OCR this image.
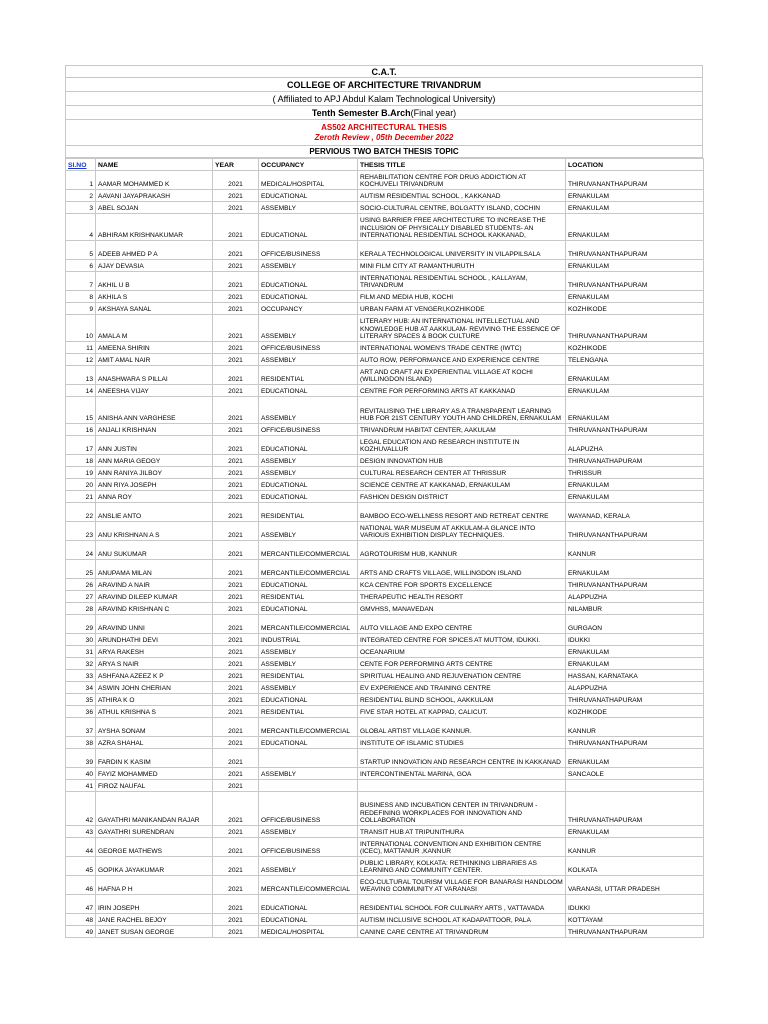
C.A.T.
COLLEGE OF ARCHITECTURE TRIVANDRUM
( Affiliated to APJ Abdul Kalam Technological University)
Tenth Semester B.Arch (Final year)
AS502 ARCHITECTURAL THESIS
Zeroth Review , 05th December 2022
PERVIOUS TWO BATCH THESIS TOPIC
Sl.NO	NAME	YEAR	OCCUPANCY	THESIS TITLE	LOCATION
1	AAMAR MOHAMMED K	2021	MEDICAL/HOSPITAL	REHABILITATION CENTRE FOR DRUG ADDICTION AT KOCHUVELI TRIVANDRUM	THIRUVANANTHAPURAM
2	AAVANI JAYAPRAKASH	2021	EDUCATIONAL	AUTISM RESIDENTIAL SCHOOL , KAKKANAD	ERNAKULAM
3	ABEL SOJAN	2021	ASSEMBLY	SOCIO-CULTURAL CENTRE, BOLGATTY ISLAND, COCHIN	ERNAKULAM
4	ABHIRAM KRISHNAKUMAR	2021	EDUCATIONAL	USING BARRIER FREE ARCHITECTURE TO INCREASE THE INCLUSION OF PHYSICALLY DISABLED STUDENTS- AN INTERNATIONAL RESIDENTIAL SCHOOL KAKKANAD,	ERNAKULAM
5	ADEEB AHMED P A	2021	OFFICE/BUSINESS	KERALA TECHNOLOGICAL UNIVERSITY IN VILAPPILSALA	THIRUVANANTHAPURAM
6	AJAY DEVASIA	2021	ASSEMBLY	MINI FILM CITY AT RAMANTHURUTH	ERNAKULAM
7	AKHIL U B	2021	EDUCATIONAL	INTERNATIONAL RESIDENTIAL SCHOOL , KALLAYAM, TRIVANDRUM	THIRUVANANTHAPURAM
8	AKHILA S	2021	EDUCATIONAL	FILM AND MEDIA HUB, KOCHI	ERNAKULAM
9	AKSHAYA SANAL	2021	OCCUPANCY	URBAN FARM AT VENGERI,KOZHIKODE	KOZHIKODE
10	AMALA M	2021	ASSEMBLY	LITERARY HUB: AN INTERNATIONAL INTELLECTUAL AND KNOWLEDGE HUB AT AAKKULAM- REVIVING THE ESSENCE OF LITERARY SPACES & BOOK CULTURE	THIRUVANANTHAPURAM
11	AMEENA SHIRIN	2021	OFFICE/BUSINESS	INTERNATIONAL WOMEN'S TRADE CENTRE (IWTC)	KOZHIKODE
12	AMIT AMAL NAIR	2021	ASSEMBLY	AUTO ROW, PERFORMANCE AND EXPERIENCE CENTRE	TELENGANA
13	ANASHWARA S PILLAI	2021	RESIDENTIAL	ART AND CRAFT AN EXPERIENTIAL VILLAGE AT KOCHI (WILLINGDON ISLAND)	ERNAKULAM
14	ANEESHA VIJAY	2021	EDUCATIONAL	CENTRE FOR PERFORMING ARTS AT KAKKANAD	ERNAKULAM
15	ANISHA ANN VARGHESE	2021	ASSEMBLY	REVITALISING THE LIBRARY AS A TRANSPARENT LEARNING HUB FOR 21ST CENTURY YOUTH AND CHILDREN, ERNAKULAM	ERNAKULAM
16	ANJALI KRISHNAN	2021	OFFICE/BUSINESS	TRIVANDRUM HABITAT CENTER, AAKULAM	THIRUVANANTHAPURAM
17	ANN JUSTIN	2021	EDUCATIONAL	LEGAL EDUCATION AND RESEARCH INSTITUTE IN KOZHUVALLUR	ALAPUZHA
18	ANN MARIA GEOGY	2021	ASSEMBLY	DESIGN INNOVATION HUB	THIRUVANATHAPURAM
19	ANN RANIYA JILBOY	2021	ASSEMBLY	CULTURAL RESEARCH CENTER AT THRISSUR	THRISSUR
20	ANN RIYA JOSEPH	2021	EDUCATIONAL	SCIENCE CENTRE AT KAKKANAD, ERNAKULAM	ERNAKULAM
21	ANNA ROY	2021	EDUCATIONAL	FASHION DESIGN DISTRICT	ERNAKULAM
22	ANSLIE ANTO	2021	RESIDENTIAL	BAMBOO ECO-WELLNESS RESORT AND RETREAT CENTRE	WAYANAD, KERALA
23	ANU KRISHNAN A S	2021	ASSEMBLY	NATIONAL WAR MUSEUM AT AKKULAM-A GLANCE INTO VARIOUS EXHIBITION DISPLAY TECHNIQUES.	THIRUVANANTHAPURAM
24	ANU SUKUMAR	2021	MERCANTILE/COMMERCIAL	AGROTOURISM HUB, KANNUR	KANNUR
25	ANUPAMA MILAN	2021	MERCANTILE/COMMERCIAL	ARTS AND CRAFTS VILLAGE, WILLINGDON ISLAND	ERNAKULAM
26	ARAVIND A NAIR	2021	EDUCATIONAL	KCA CENTRE FOR SPORTS EXCELLENCE	THIRUVANANTHAPURAM
27	ARAVIND DILEEP KUMAR	2021	RESIDENTIAL	THERAPEUTIC HEALTH RESORT	ALAPPUZHA
28	ARAVIND KRISHNAN C	2021	EDUCATIONAL	GMVHSS, MANAVEDAN	NILAMBUR
29	ARAVIND UNNI	2021	MERCANTILE/COMMERCIAL	AUTO VILLAGE AND EXPO CENTRE	GURGAON
30	ARUNDHATHI DEVI	2021	INDUSTRIAL	INTEGRATED CENTRE FOR SPICES AT MUTTOM, IDUKKI.	IDUKKI
31	ARYA RAKESH	2021	ASSEMBLY	OCEANARIUM	ERNAKULAM
32	ARYA S NAIR	2021	ASSEMBLY	CENTE FOR PERFORMING ARTS CENTRE	ERNAKULAM
33	ASHFANA AZEEZ K P	2021	RESIDENTIAL	SPIRITUAL HEALING AND REJUVENATION CENTRE	HASSAN, KARNATAKA
34	ASWIN JOHN CHERIAN	2021	ASSEMBLY	EV EXPERIENCE AND TRAINING CENTRE	ALAPPUZHA
35	ATHIRA K O	2021	EDUCATIONAL	RESIDENTIAL BLIND SCHOOL, AAKKULAM	THIRUVANATHAPURAM
36	ATHUL KRISHNA S	2021	RESIDENTIAL	FIVE STAR HOTEL AT KAPPAD, CALICUT.	KOZHIKODE
37	AYSHA SONAM	2021	MERCANTILE/COMMERCIAL	GLOBAL ARTIST VILLAGE KANNUR.	KANNUR
38	AZRA SHAHAL	2021	EDUCATIONAL	INSTITUTE OF ISLAMIC STUDIES	THIRUVANANTHAPURAM
39	FARDIN K KASIM	2021		STARTUP INNOVATION AND RESEARCH CENTRE IN KAKKANAD	ERNAKULAM
40	FAYIZ MOHAMMED	2021	ASSEMBLY	INTERCONTINENTAL MARINA, GOA	SANCAOLE
41	FIROZ NAUFAL	2021			
42	GAYATHRI MANIKANDAN RAJAR	2021	OFFICE/BUSINESS	BUSINESS AND INCUBATION CENTER IN TRIVANDRUM - REDEFINING WORKPLACES FOR INNOVATION AND COLLABORATION	THIRUVANATHAPURAM
43	GAYATHRI SURENDRAN	2021	ASSEMBLY	TRANSIT HUB AT TRIPUNITHURA	ERNAKULAM
44	GEORGE MATHEWS	2021	OFFICE/BUSINESS	INTERNATIONAL CONVENTION AND EXHIBITION CENTRE (ICEC), MATTANUR ,KANNUR	KANNUR
45	GOPIKA JAYAKUMAR	2021	ASSEMBLY	PUBLIC LIBRARY, KOLKATA: RETHINKING LIBRARIES AS LEARNING AND COMMUNITY CENTER.	KOLKATA
46	HAFNA P H	2021	MERCANTILE/COMMERCIAL	ECO-CULTURAL TOURISM VILLAGE FOR BANARASI HANDLOOM WEAVING COMMUNITY AT VARANASI	VARANASI, UTTAR PRADESH
47	IRIN JOSEPH	2021	EDUCATIONAL	RESIDENTIAL SCHOOL FOR CULINARY ARTS , VATTAVADA	IDUKKI
48	JANE RACHEL BEJOY	2021	EDUCATIONAL	AUTISM INCLUSIVE SCHOOL AT KADAPATTOOR, PALA	KOTTAYAM
49	JANET SUSAN GEORGE	2021	MEDICAL/HOSPITAL	CANINE CARE CENTRE AT TRIVANDRUM	THIRUVANANTHAPURAM
